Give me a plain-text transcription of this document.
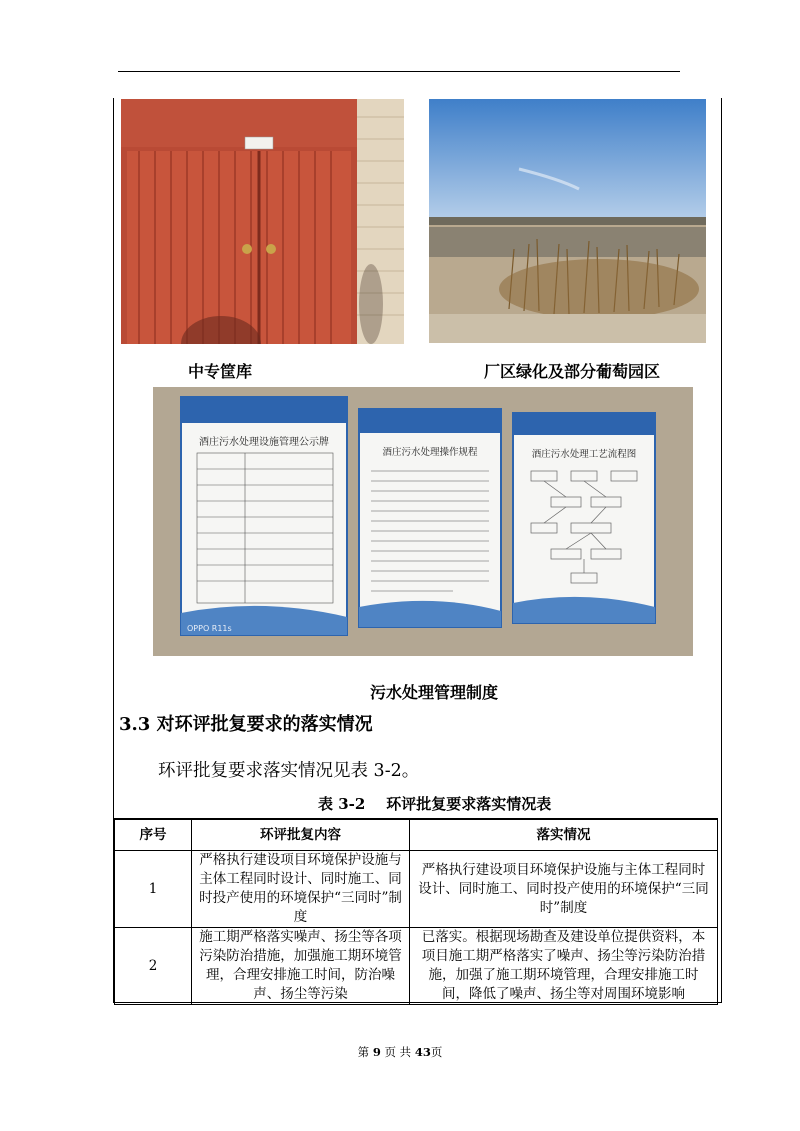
中专筐库	厂区绿化及部分葡萄园区
酒庄污水处理设施管理公示牌
OPPO R11s
酒庄污水处理操作规程	酒庄污水处理工艺流程图
污水处理管理制度
3.3 对环评批复要求的落实情况
环评批复要求落实情况见表 3-2。
表 3-2    环评批复要求落实情况表
序号	环评批复内容	落实情况
1	严格执行建设项目环境保护设施与主体工程同时设计、同时施工、同时投产使用的环境保护“三同时”制度	严格执行建设项目环境保护设施与主体工程同时设计、同时施工、同时投产使用的环境保护“三同时”制度
2	施工期严格落实噪声、扬尘等各项污染防治措施，加强施工期环境管理，合理安排施工时间，防治噪声、扬尘等污染	已落实。根据现场勘查及建设单位提供资料，本项目施工期严格落实了噪声、扬尘等污染防治措施，加强了施工期环境管理，合理安排施工时间，降低了噪声、扬尘等对周围环境影响
第 9 页 共 43页
